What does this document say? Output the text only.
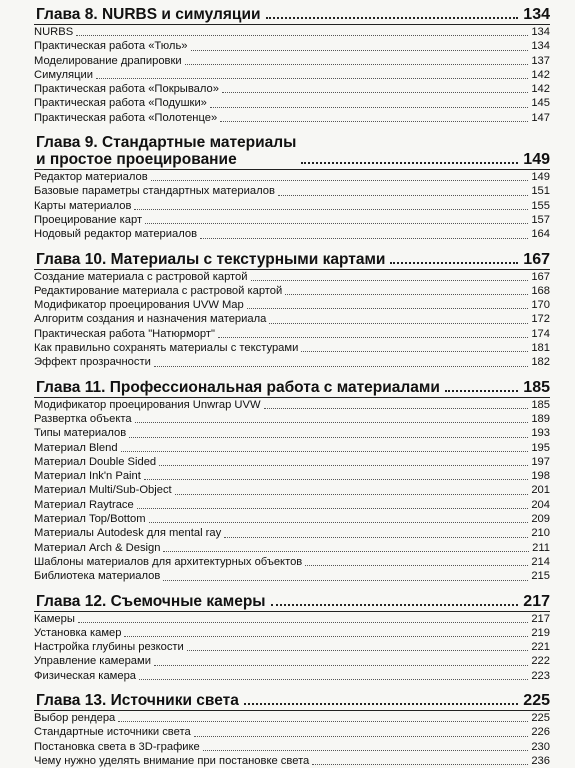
Глава 8. NURBS и симуляции	134
NURBS	134
Практическая работа «Тюль»	134
Моделирование драпировки	137
Симуляции	142
Практическая работа «Покрывало»	142
Практическая работа «Подушки»	145
Практическая работа «Полотенце»	147
Глава 9. Стандартные материалы
и простое проецирование	149
Редактор материалов	149
Базовые параметры стандартных материалов	151
Карты материалов	155
Проецирование карт	157
Нодовый редактор материалов	164
Глава 10. Материалы с текстурными картами	167
Создание материала с растровой картой	167
Редактирование материала с растровой картой	168
Модификатор проецирования UVW Map	170
Алгоритм создания и назначения материала	172
Практическая работа "Натюрморт"	174
Как правильно сохранять материалы с текстурами	181
Эффект прозрачности	182
Глава 11. Профессиональная работа с материалами	185
Модификатор проецирования Unwrap UVW	185
Развертка объекта	189
Типы материалов	193
Материал Blend	195
Материал Double Sided	197
Материал Ink'n Paint	198
Материал Multi/Sub-Object	201
Материал Raytrace	204
Материал Top/Bottom	209
Материалы Autodesk для mental ray	210
Материал Arch & Design	211
Шаблоны материалов для архитектурных объектов	214
Библиотека материалов	215
Глава 12. Съемочные камеры	217
Камеры	217
Установка камер	219
Настройка глубины резкости	221
Управление камерами	222
Физическая камера	223
Глава 13. Источники света	225
Выбор рендера	225
Стандартные источники света	226
Постановка света в 3D-графике	230
Чему нужно уделять внимание при постановке света	236
